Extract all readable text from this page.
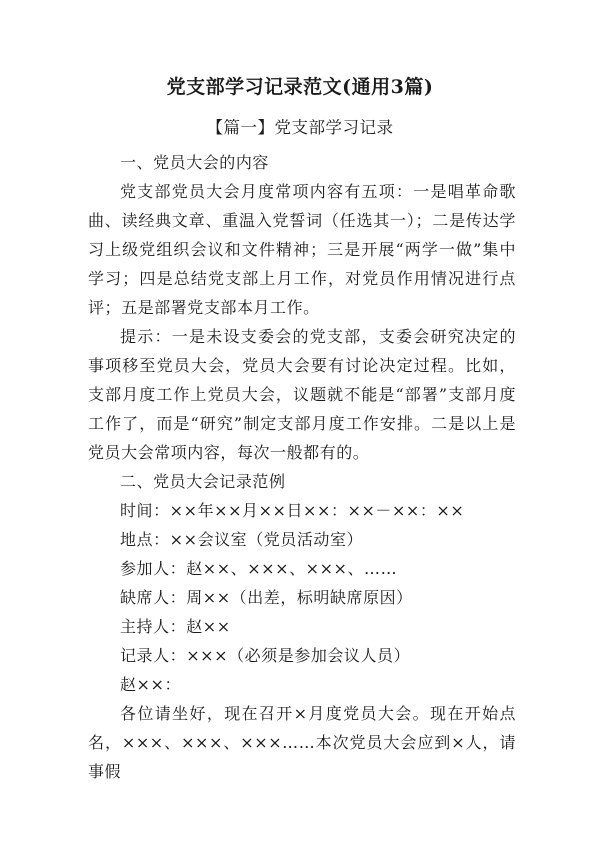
党支部学习记录范文(通用3篇)
【篇一】党支部学习记录

一、党员大会的内容

党支部党员大会月度常项内容有五项：一是唱革命歌曲、读经典文章、重温入党誓词（任选其一）；二是传达学习上级党组织会议和文件精神；三是开展“两学一做”集中学习；四是总结党支部上月工作，对党员作用情况进行点评；五是部署党支部本月工作。

提示：一是未设支委会的党支部，支委会研究决定的事项移至党员大会，党员大会要有讨论决定过程。比如，支部月度工作上党员大会，议题就不能是“部署”支部月度工作了，而是“研究”制定支部月度工作安排。二是以上是党员大会常项内容，每次一般都有的。

二、党员大会记录范例

时间：××年××月××日××：××－××：××

地点：××会议室（党员活动室）

参加人：赵××、×××、×××、……

缺席人：周××（出差，标明缺席原因）

主持人：赵××

记录人：×××（必须是参加会议人员）

赵××：

各位请坐好，现在召开×月度党员大会。现在开始点名，×××、×××、×××……本次党员大会应到×人，请事假
